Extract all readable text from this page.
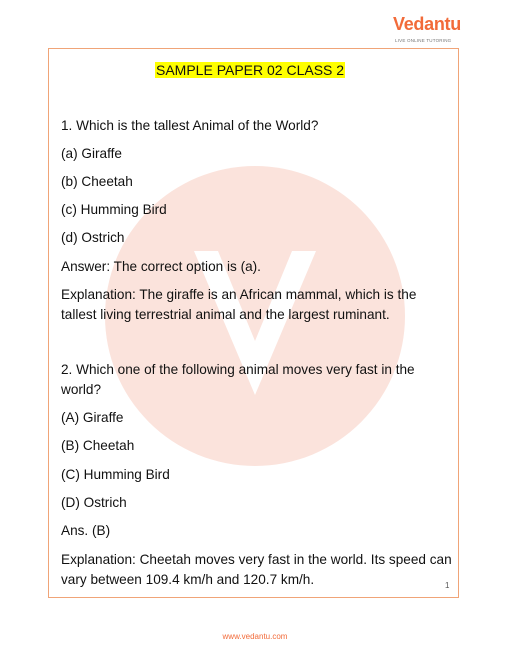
Vedantu
LIVE ONLINE TUTORING
SAMPLE PAPER 02 CLASS 2
1. Which is the tallest Animal of the World?
(a) Giraffe
(b) Cheetah
(c) Humming Bird
(d) Ostrich
Answer: The correct option is (a).
Explanation: The giraffe is an African mammal, which is the tallest living terrestrial animal and the largest ruminant.
2. Which one of the following animal moves very fast in the world?
(A) Giraffe
(B) Cheetah
(C) Humming Bird
(D) Ostrich
Ans. (B)
Explanation: Cheetah moves very fast in the world. Its speed can vary between 109.4 km/h and 120.7 km/h.	1
www.vedantu.com
